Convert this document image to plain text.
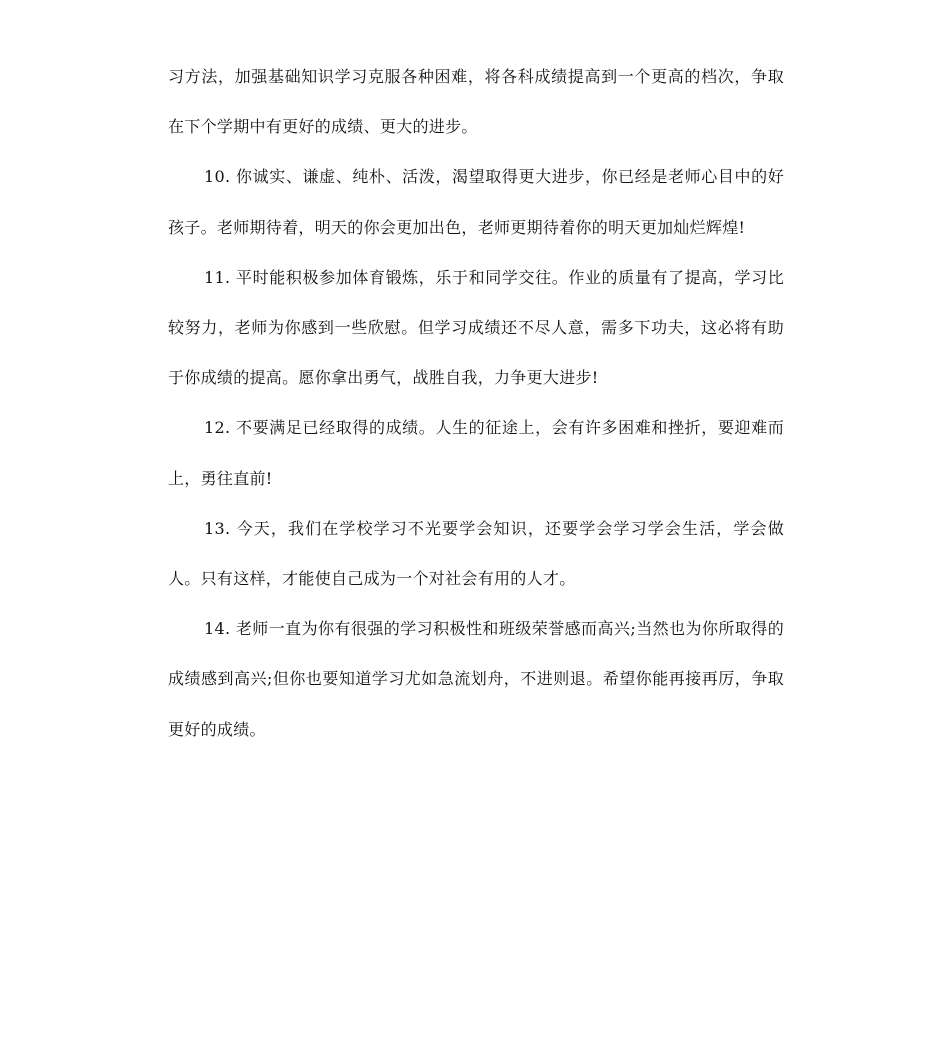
习方法，加强基础知识学习克服各种困难，将各科成绩提高到一个更高的档次，争取在下个学期中有更好的成绩、更大的进步。

10. 你诚实、谦虚、纯朴、活泼，渴望取得更大进步，你已经是老师心目中的好孩子。老师期待着，明天的你会更加出色，老师更期待着你的明天更加灿烂辉煌!

11. 平时能积极参加体育锻炼，乐于和同学交往。作业的质量有了提高，学习比较努力，老师为你感到一些欣慰。但学习成绩还不尽人意，需多下功夫，这必将有助于你成绩的提高。愿你拿出勇气，战胜自我，力争更大进步!

12. 不要满足已经取得的成绩。人生的征途上，会有许多困难和挫折，要迎难而上，勇往直前!

13. 今天，我们在学校学习不光要学会知识，还要学会学习学会生活，学会做人。只有这样，才能使自己成为一个对社会有用的人才。

14. 老师一直为你有很强的学习积极性和班级荣誉感而高兴;当然也为你所取得的成绩感到高兴;但你也要知道学习尤如急流划舟，不进则退。希望你能再接再厉，争取更好的成绩。
